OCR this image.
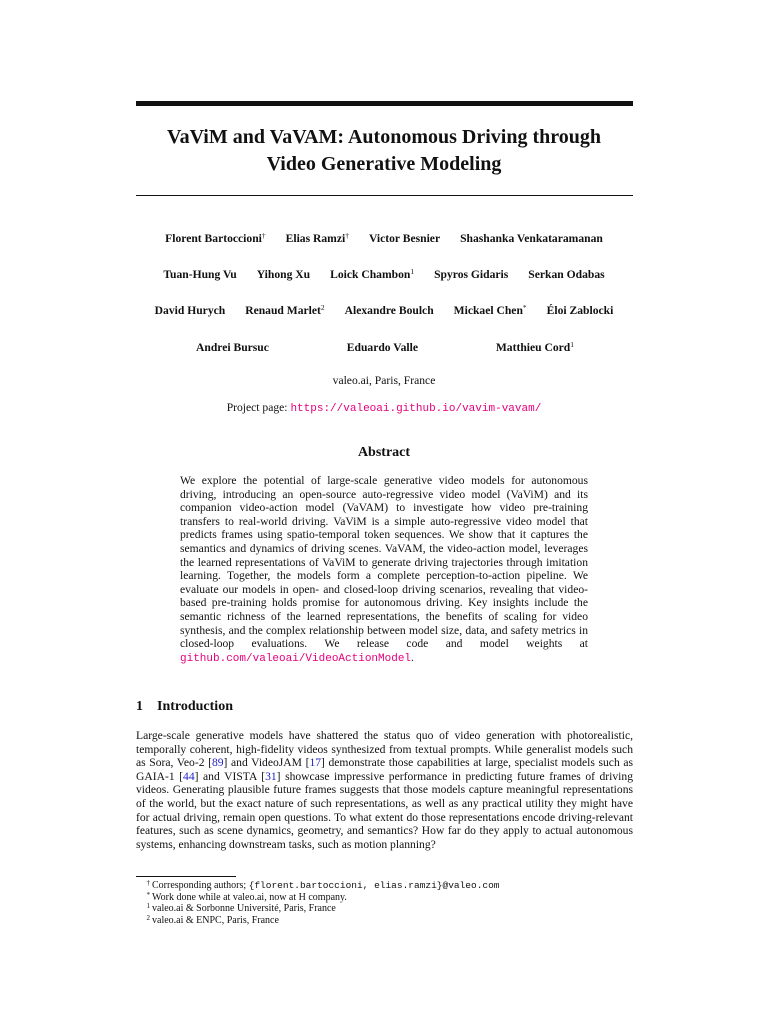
VaViM and VaVAM: Autonomous Driving through
Video Generative Modeling
Florent Bartoccioni† Elias Ramzi† Victor Besnier Shashanka Venkataramanan
Tuan-Hung Vu Yihong Xu Loick Chambon$^1$ Spyros Gidaris Serkan Odabas
David Hurych Renaud Marlet$^2$ Alexandre Boulch Mickael Chen* Éloi Zablocki
Andrei Bursuc	Eduardo Valle	Matthieu Cord$^1$
valeo.ai, Paris, France
Project page: https://valeoai.github.io/vavim-vavam/
Abstract

We explore the potential of large-scale generative video models for autonomous driving, introducing an open-source auto-regressive video model (VaViM) and its companion video-action model (VaVAM) to investigate how video pre-training transfers to real-world driving. VaViM is a simple auto-regressive video model that predicts frames using spatio-temporal token sequences. We show that it captures the semantics and dynamics of driving scenes. VaVAM, the video-action model, leverages the learned representations of VaViM to generate driving trajectories through imitation learning. Together, the models form a complete perception-to-action pipeline. We evaluate our models in open- and closed-loop driving scenarios, revealing that video-based pre-training holds promise for autonomous driving. Key insights include the semantic richness of the learned representations, the benefits of scaling for video synthesis, and the complex relationship between model size, data, and safety metrics in closed-loop evaluations. We release code and model weights at github.com/valeoai/VideoActionModel.

1 Introduction

Large-scale generative models have shattered the status quo of video generation with photorealistic, temporally coherent, high-fidelity videos synthesized from textual prompts. While generalist models such as Sora, Veo-2 [89] and VideoJAM [17] demonstrate those capabilities at large, specialist models such as GAIA-1 [44] and VISTA [31] showcase impressive performance in predicting future frames of driving videos. Generating plausible future frames suggests that those models capture meaningful representations of the world, but the exact nature of such representations, as well as any practical utility they might have for actual driving, remain open questions. To what extent do those representations encode driving-relevant features, such as scene dynamics, geometry, and semantics? How far do they apply to actual autonomous systems, enhancing downstream tasks, such as motion planning?

† Corresponding authors; {florent.bartoccioni, elias.ramzi}@valeo.com
* Work done while at valeo.ai, now at H company.
1 valeo.ai & Sorbonne Université, Paris, France
2 valeo.ai & ENPC, Paris, France
